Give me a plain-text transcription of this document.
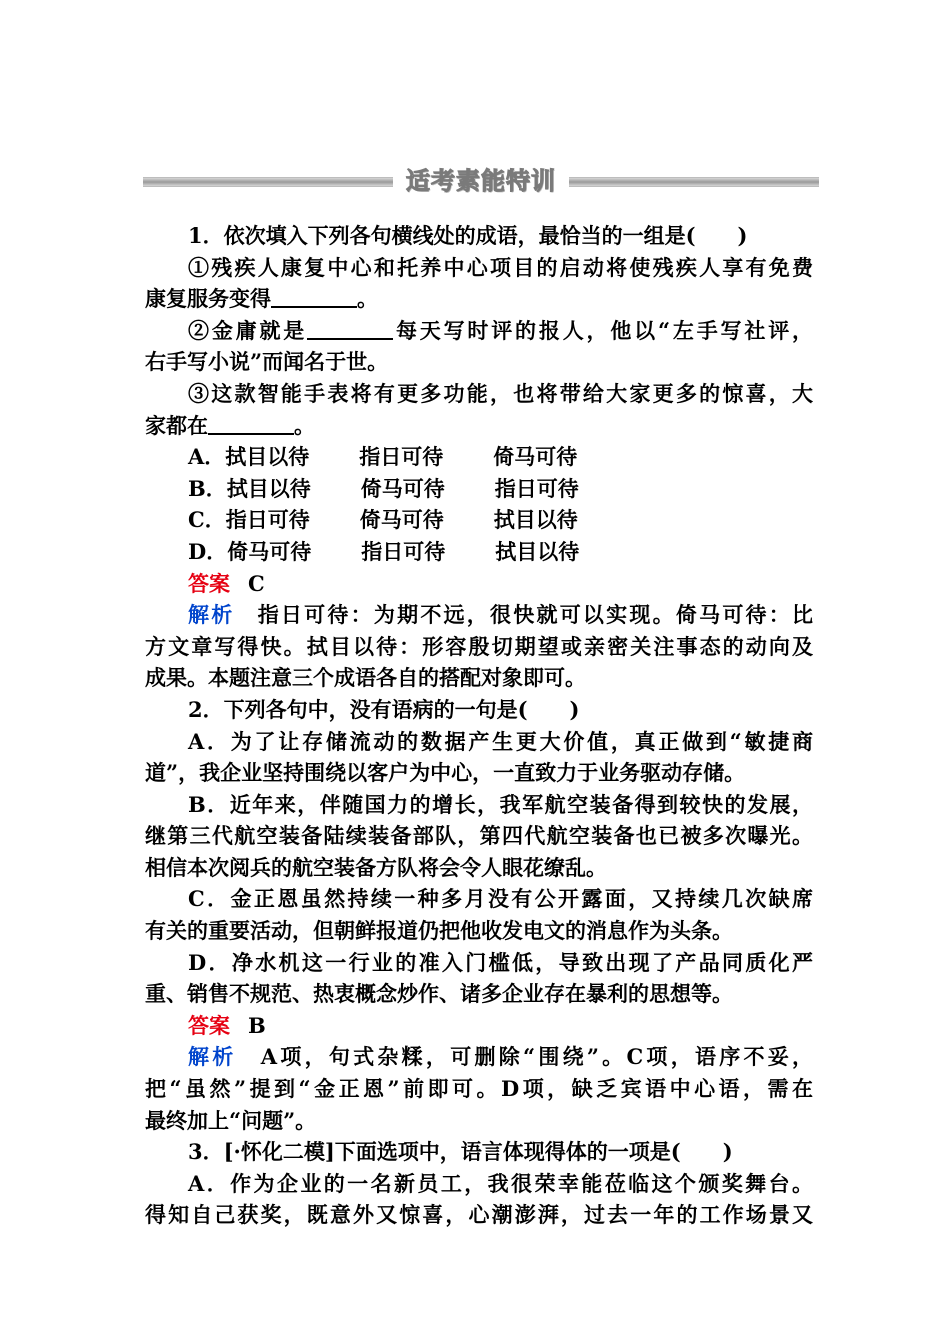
适考素能特训
1．依次填入下列各句横线处的成语，最恰当的一组是(　　)
①残疾人康复中心和托养中心项目的启动将使残疾人享有免费
康复服务变得	。
②金庸就是	每天写时评的报人，他以“左手写社评，
右手写小说”而闻名于世。
③这款智能手表将有更多功能，也将带给大家更多的惊喜，大
家都在	。
A．拭目以待 指日可待 倚马可待
B．拭目以待 倚马可待 指日可待
C．指日可待 倚马可待 拭目以待
D．倚马可待 指日可待 拭目以待
答案 C
解析　 指日可待：为期不远，很快就可以实现。倚马可待：比
方文章写得快。拭目以待：形容殷切期望或亲密关注事态的动向及
成果。本题注意三个成语各自的搭配对象即可。
2．下列各句中，没有语病的一句是(　　)
A．为了让存储流动的数据产生更大价值，真正做到“敏捷商
道”，我企业坚持围绕以客户为中心，一直致力于业务驱动存储。
B．近年来，伴随国力的增长，我军航空装备得到较快的发展，
继第三代航空装备陆续装备部队，第四代航空装备也已被多次曝光。
相信本次阅兵的航空装备方队将会令人眼花缭乱。
C．金正恩虽然持续一种多月没有公开露面，又持续几次缺席
有关的重要活动，但朝鲜报道仍把他收发电文的消息作为头条。
D．净水机这一行业的准入门槛低，导致出现了产品同质化严
重、销售不规范、热衷概念炒作、诸多企业存在暴利的思想等。
答案 B
解析　 A项，句式杂糅，可删除“围绕”。C项，语序不妥，
把“虽然”提到“金正恩”前即可。D项，缺乏宾语中心语，需在
最终加上“问题”。
3．[·怀化二模]下面选项中，语言体现得体的一项是(　　)
A．作为企业的一名新员工，我很荣幸能莅临这个颁奖舞台。
得知自己获奖，既意外又惊喜，心潮澎湃，过去一年的工作场景又
